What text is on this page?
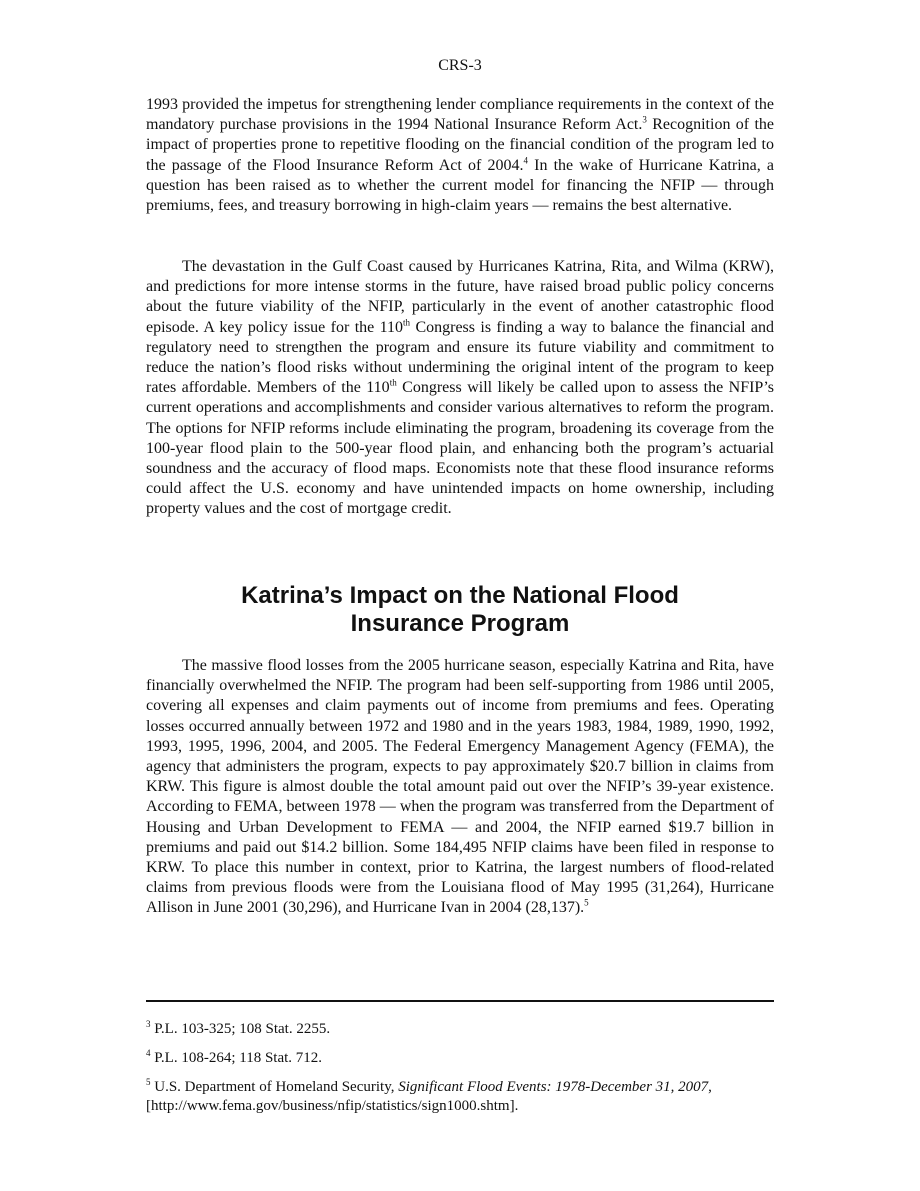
CRS-3

1993 provided the impetus for strengthening lender compliance requirements in the context of the mandatory purchase provisions in the 1994 National Insurance Reform Act.$^3$ Recognition of the impact of properties prone to repetitive flooding on the financial condition of the program led to the passage of the Flood Insurance Reform Act of 2004.$^4$ In the wake of Hurricane Katrina, a question has been raised as to whether the current model for financing the NFIP — through premiums, fees, and treasury borrowing in high-claim years — remains the best alternative.

The devastation in the Gulf Coast caused by Hurricanes Katrina, Rita, and Wilma (KRW), and predictions for more intense storms in the future, have raised broad public policy concerns about the future viability of the NFIP, particularly in the event of another catastrophic flood episode. A key policy issue for the 110th Congress is finding a way to balance the financial and regulatory need to strengthen the program and ensure its future viability and commitment to reduce the nation’s flood risks without undermining the original intent of the program to keep rates affordable. Members of the 110th Congress will likely be called upon to assess the NFIP’s current operations and accomplishments and consider various alternatives to reform the program. The options for NFIP reforms include eliminating the program, broadening its coverage from the 100-year flood plain to the 500-year flood plain, and enhancing both the program’s actuarial soundness and the accuracy of flood maps. Economists note that these flood insurance reforms could affect the U.S. economy and have unintended impacts on home ownership, including property values and the cost of mortgage credit.

Katrina’s Impact on the National Flood
Insurance Program

The massive flood losses from the 2005 hurricane season, especially Katrina and Rita, have financially overwhelmed the NFIP. The program had been self-supporting from 1986 until 2005, covering all expenses and claim payments out of income from premiums and fees. Operating losses occurred annually between 1972 and 1980 and in the years 1983, 1984, 1989, 1990, 1992, 1993, 1995, 1996, 2004, and 2005. The Federal Emergency Management Agency (FEMA), the agency that administers the program, expects to pay approximately $20.7 billion in claims from KRW. This figure is almost double the total amount paid out over the NFIP’s 39-year existence. According to FEMA, between 1978 — when the program was transferred from the Department of Housing and Urban Development to FEMA — and 2004, the NFIP earned $19.7 billion in premiums and paid out $14.2 billion. Some 184,495 NFIP claims have been filed in response to KRW. To place this number in context, prior to Katrina, the largest numbers of flood-related claims from previous floods were from the Louisiana flood of May 1995 (31,264), Hurricane Allison in June 2001 (30,296), and Hurricane Ivan in 2004 (28,137).$^5$

$^3$ P.L. 103-325; 108 Stat. 2255.

$^4$ P.L. 108-264; 118 Stat. 712.

$^5$ U.S. Department of Homeland Security, Significant Flood Events: 1978-December 31, 2007, [http://www.fema.gov/business/nfip/statistics/sign1000.shtm].
